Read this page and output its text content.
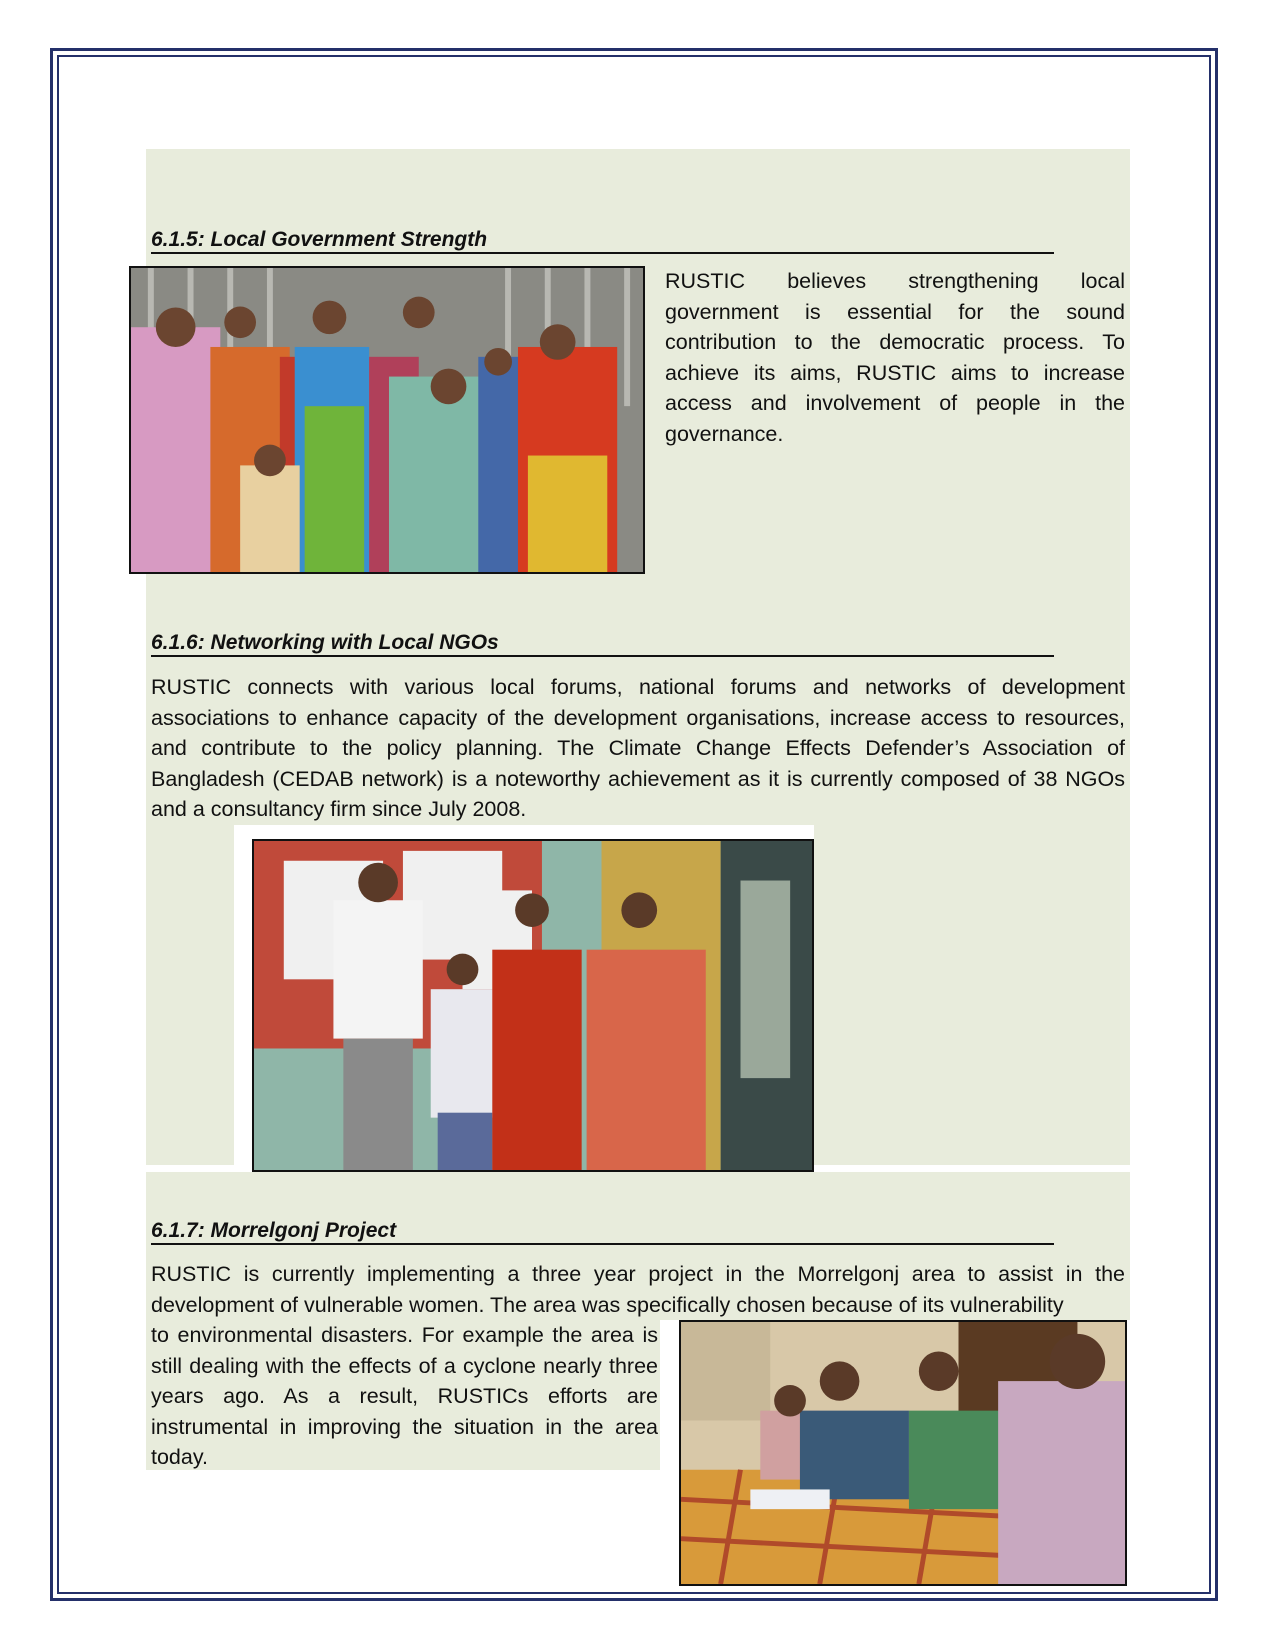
6.1.5: Local Government Strength

RUSTIC believes strengthening local government is essential for the sound contribution to the democratic process. To achieve its aims, RUSTIC aims to increase access and involvement of people in the governance.

6.1.6: Networking with Local NGOs

RUSTIC connects with various local forums, national forums and networks of development associations to enhance capacity of the development organisations, increase access to resources, and contribute to the policy planning. The Climate Change Effects Defender’s Association of Bangladesh (CEDAB network) is a noteworthy achievement as it is currently composed of 38 NGOs and a consultancy firm since July 2008.

6.1.7: Morrelgonj Project

RUSTIC is currently implementing a three year project in the Morrelgonj area to assist in the development of vulnerable women. The area was specifically chosen because of its vulnerability

to environmental disasters. For example the area is still dealing with the effects of a cyclone nearly three years ago. As a result, RUSTICs efforts are instrumental in improving the situation in the area today.
